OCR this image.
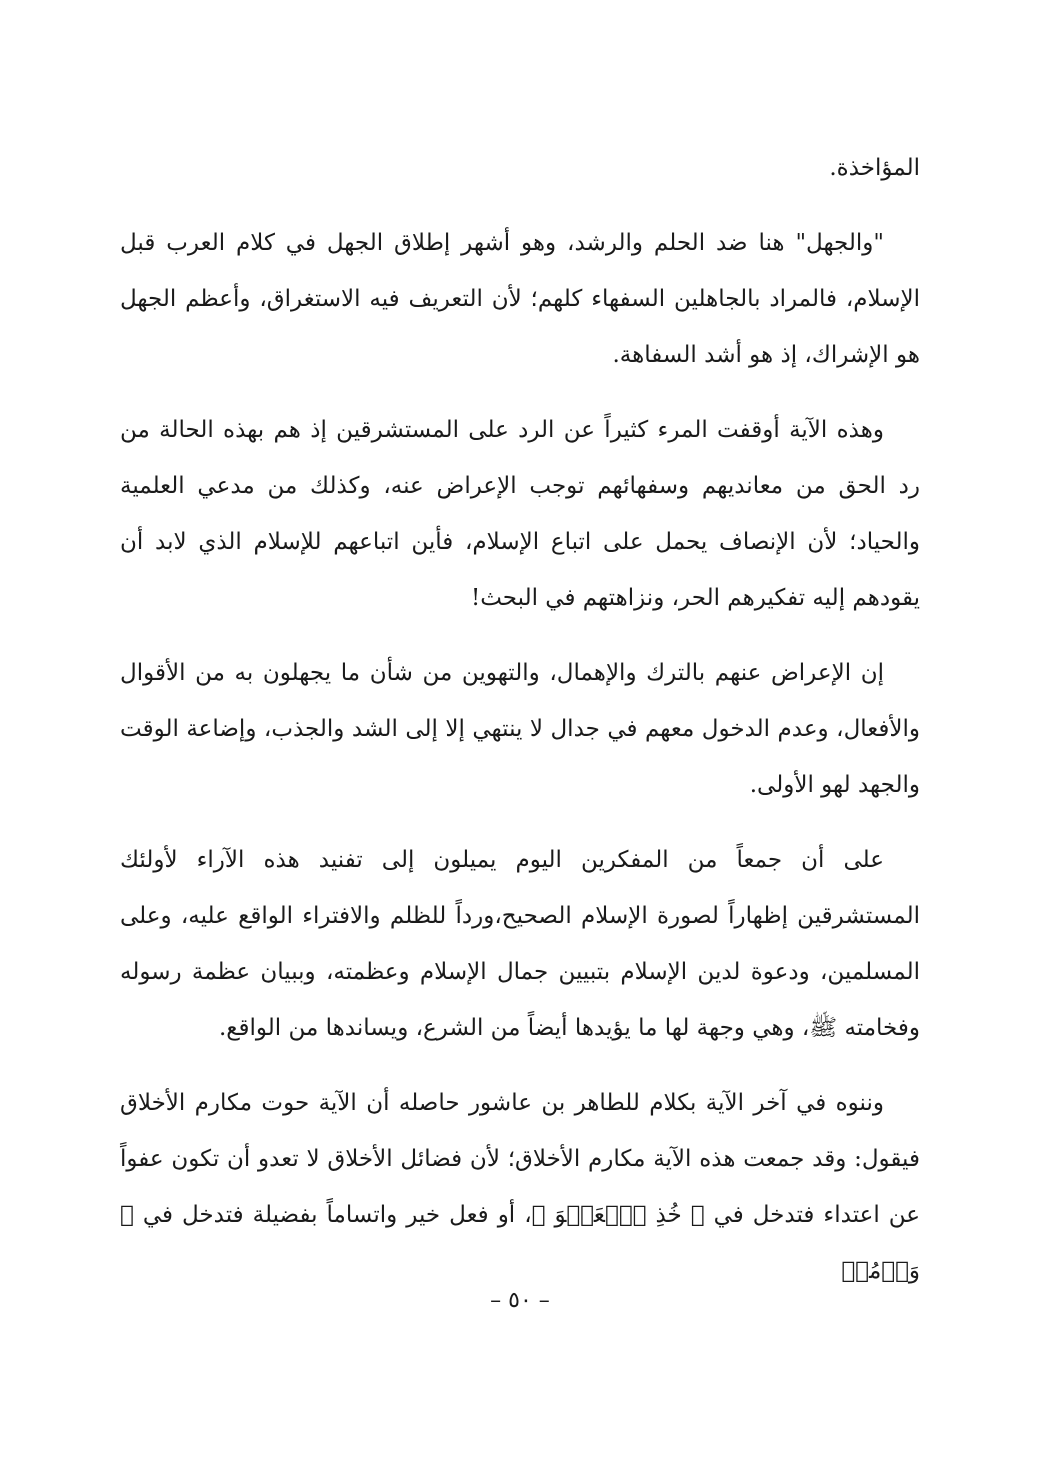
المؤاخذة.

"والجهل" هنا ضد الحلم والرشد، وهو أشهر إطلاق الجهل في كلام العرب قبل الإسلام، فالمراد بالجاهلين السفهاء كلهم؛ لأن التعريف فيه الاستغراق، وأعظم الجهل هو الإشراك، إذ هو أشد السفاهة.

وهذه الآية أوقفت المرء كثيراً عن الرد على المستشرقين إذ هم بهذه الحالة من رد الحق من معانديهم وسفهائهم توجب الإعراض عنه، وكذلك من مدعي العلمية والحياد؛ لأن الإنصاف يحمل على اتباع الإسلام، فأين اتباعهم للإسلام الذي لابد أن يقودهم إليه تفكيرهم الحر، ونزاهتهم في البحث!

إن الإعراض عنهم بالترك والإهمال، والتهوين من شأن ما يجهلون به من الأقوال والأفعال، وعدم الدخول معهم في جدال لا ينتهي إلا إلى الشد والجذب، وإضاعة الوقت والجهد لهو الأولى.

على أن جمعاً من المفكرين اليوم يميلون إلى تفنيد هذه الآراء لأولئك المستشرقين إظهاراً لصورة الإسلام الصحيح،ورداً للظلم والافتراء الواقع عليه، وعلى المسلمين، ودعوة لدين الإسلام بتبيين جمال الإسلام وعظمته، وببيان عظمة رسوله وفخامته ﷺ، وهي وجهة لها ما يؤيدها أيضاً من الشرع، ويساندها من الواقع.

وننوه في آخر الآية بكلام للطاهر بن عاشور حاصله أن الآية حوت مكارم الأخلاق فيقول: وقد جمعت هذه الآية مكارم الأخلاق؛ لأن فضائل الأخلاق لا تعدو أن تكون عفواً عن اعتداء فتدخل في ﴿ خُذِ ٱلۡعَفۡوَ ﴾، أو فعل خير واتساماً بفضيلة فتدخل في ﴿ وَأۡمُرۡ

– ٥٠ –
